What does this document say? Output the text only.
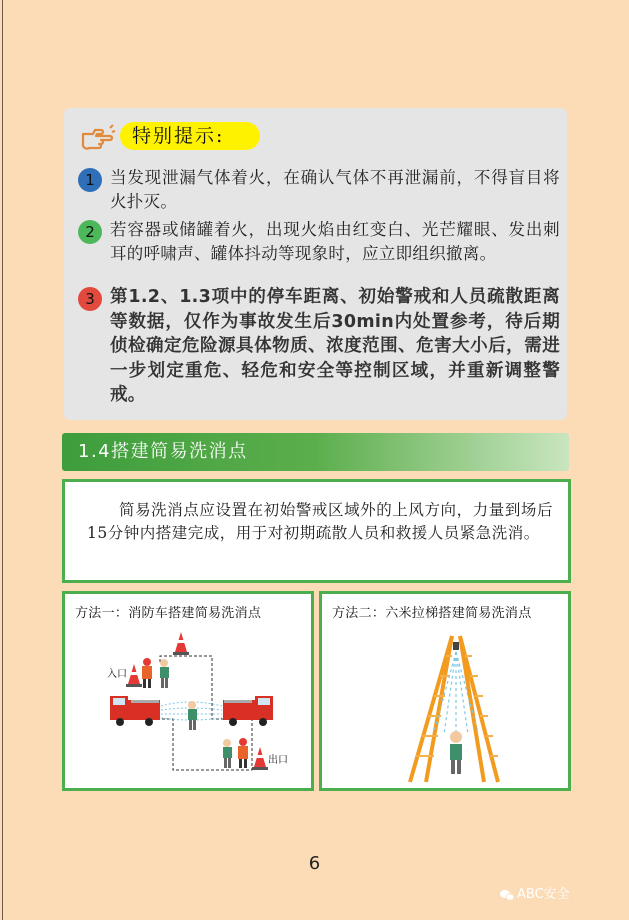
特别提示:
1 当发现泄漏气体着火，在确认气体不再泄漏前，不得盲目将火扑灭。
2 若容器或储罐着火，出现火焰由红变白、光芒耀眼、发出刺耳的呼啸声、罐体抖动等现象时，应立即组织撤离。
3 第1.2、1.3项中的停车距离、初始警戒和人员疏散距离等数据，仅作为事故发生后30min内处置参考，待后期侦检确定危险源具体物质、浓度范围、危害大小后，需进一步划定重危、轻危和安全等控制区域，并重新调整警戒。
1.4搭建简易洗消点
简易洗消点应设置在初始警戒区域外的上风方向，力量到场后15分钟内搭建完成，用于对初期疏散人员和救援人员紧急洗消。
方法一：消防车搭建简易洗消点
入口
出口
方法二：六米拉梯搭建简易洗消点
6
ABC安全
